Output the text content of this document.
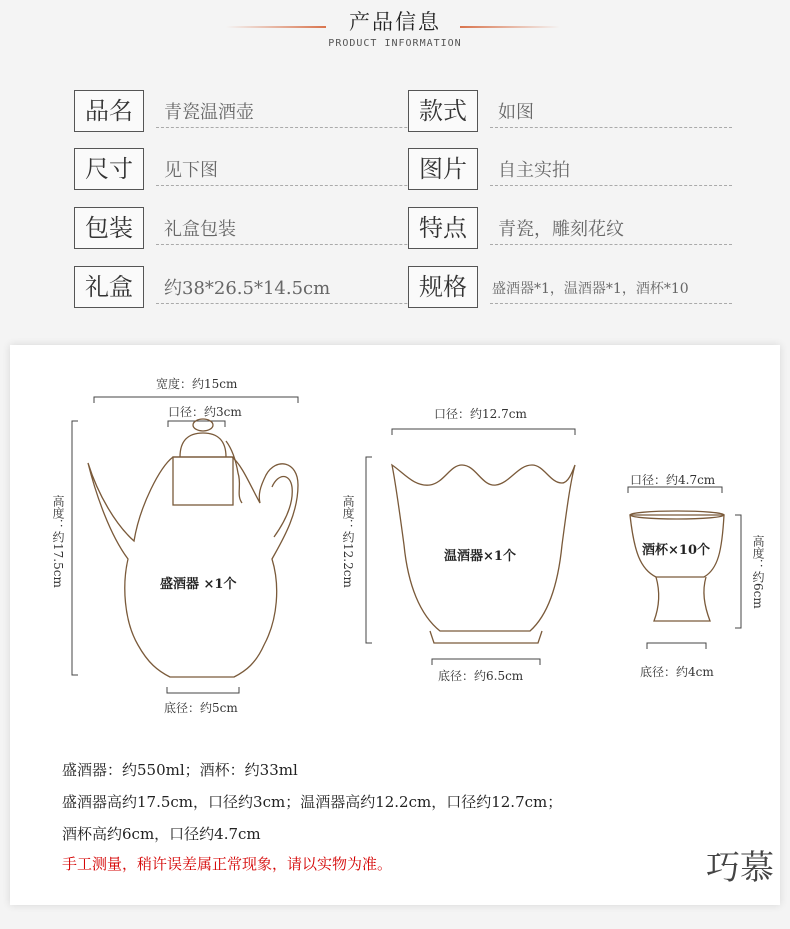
产品信息
PRODUCT INFORMATION
品名	青瓷温酒壶	款式	如图
尺寸	见下图	图片	自主实拍
包装	礼盒包装	特点	青瓷，雕刻花纹
礼盒	约38*26.5*14.5cm	规格	盛酒器*1，温酒器*1，酒杯*10
宽度：约15cm
口径：约3cm
高度：约17.5cm
底径：约5cm
盛酒器 ×1个
口径：约12.7cm
高度：约12.2cm
底径：约6.5cm
温酒器×1个
口径：约4.7cm
高度：约6cm
底径：约4cm
酒杯×10个
盛酒器：约550ml；酒杯：约33ml
盛酒器高约17.5cm，口径约3cm；温酒器高约12.2cm，口径约12.7cm；
酒杯高约6cm，口径约4.7cm
手工测量，稍许误差属正常现象，请以实物为准。	巧慕
